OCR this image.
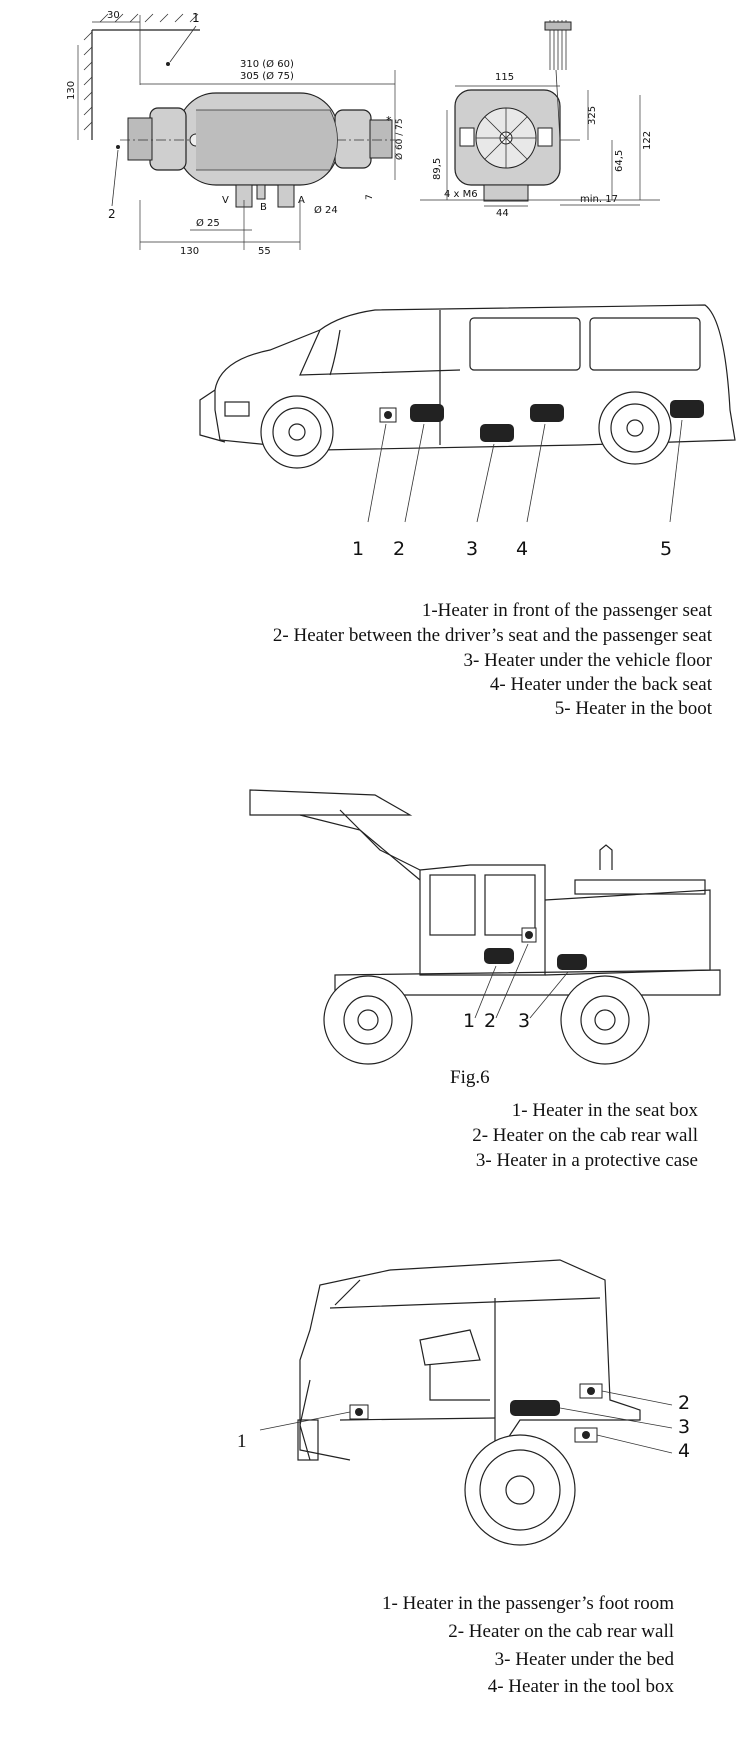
30	1
2
130
310 (Ø 60)
305 (Ø 75)
V
B
A
Ø 24
Ø 25
7
Ø 60 / 75
*
130	55
115
325
122
64,5
89,5
4 x M6
44
min. 17
1 2	3 4	5
1-Heater in front of the passenger seat
2- Heater between the driver’s seat and the passenger seat
3- Heater under the vehicle floor
4- Heater under the back seat
5- Heater in the boot
1 2 3
Fig.6
1- Heater in the seat box
2- Heater on the cab rear wall
3- Heater in a protective case
1
2
3
4
1- Heater in the passenger’s foot room
2- Heater on the cab rear wall
3- Heater under the bed
4- Heater in the tool box
